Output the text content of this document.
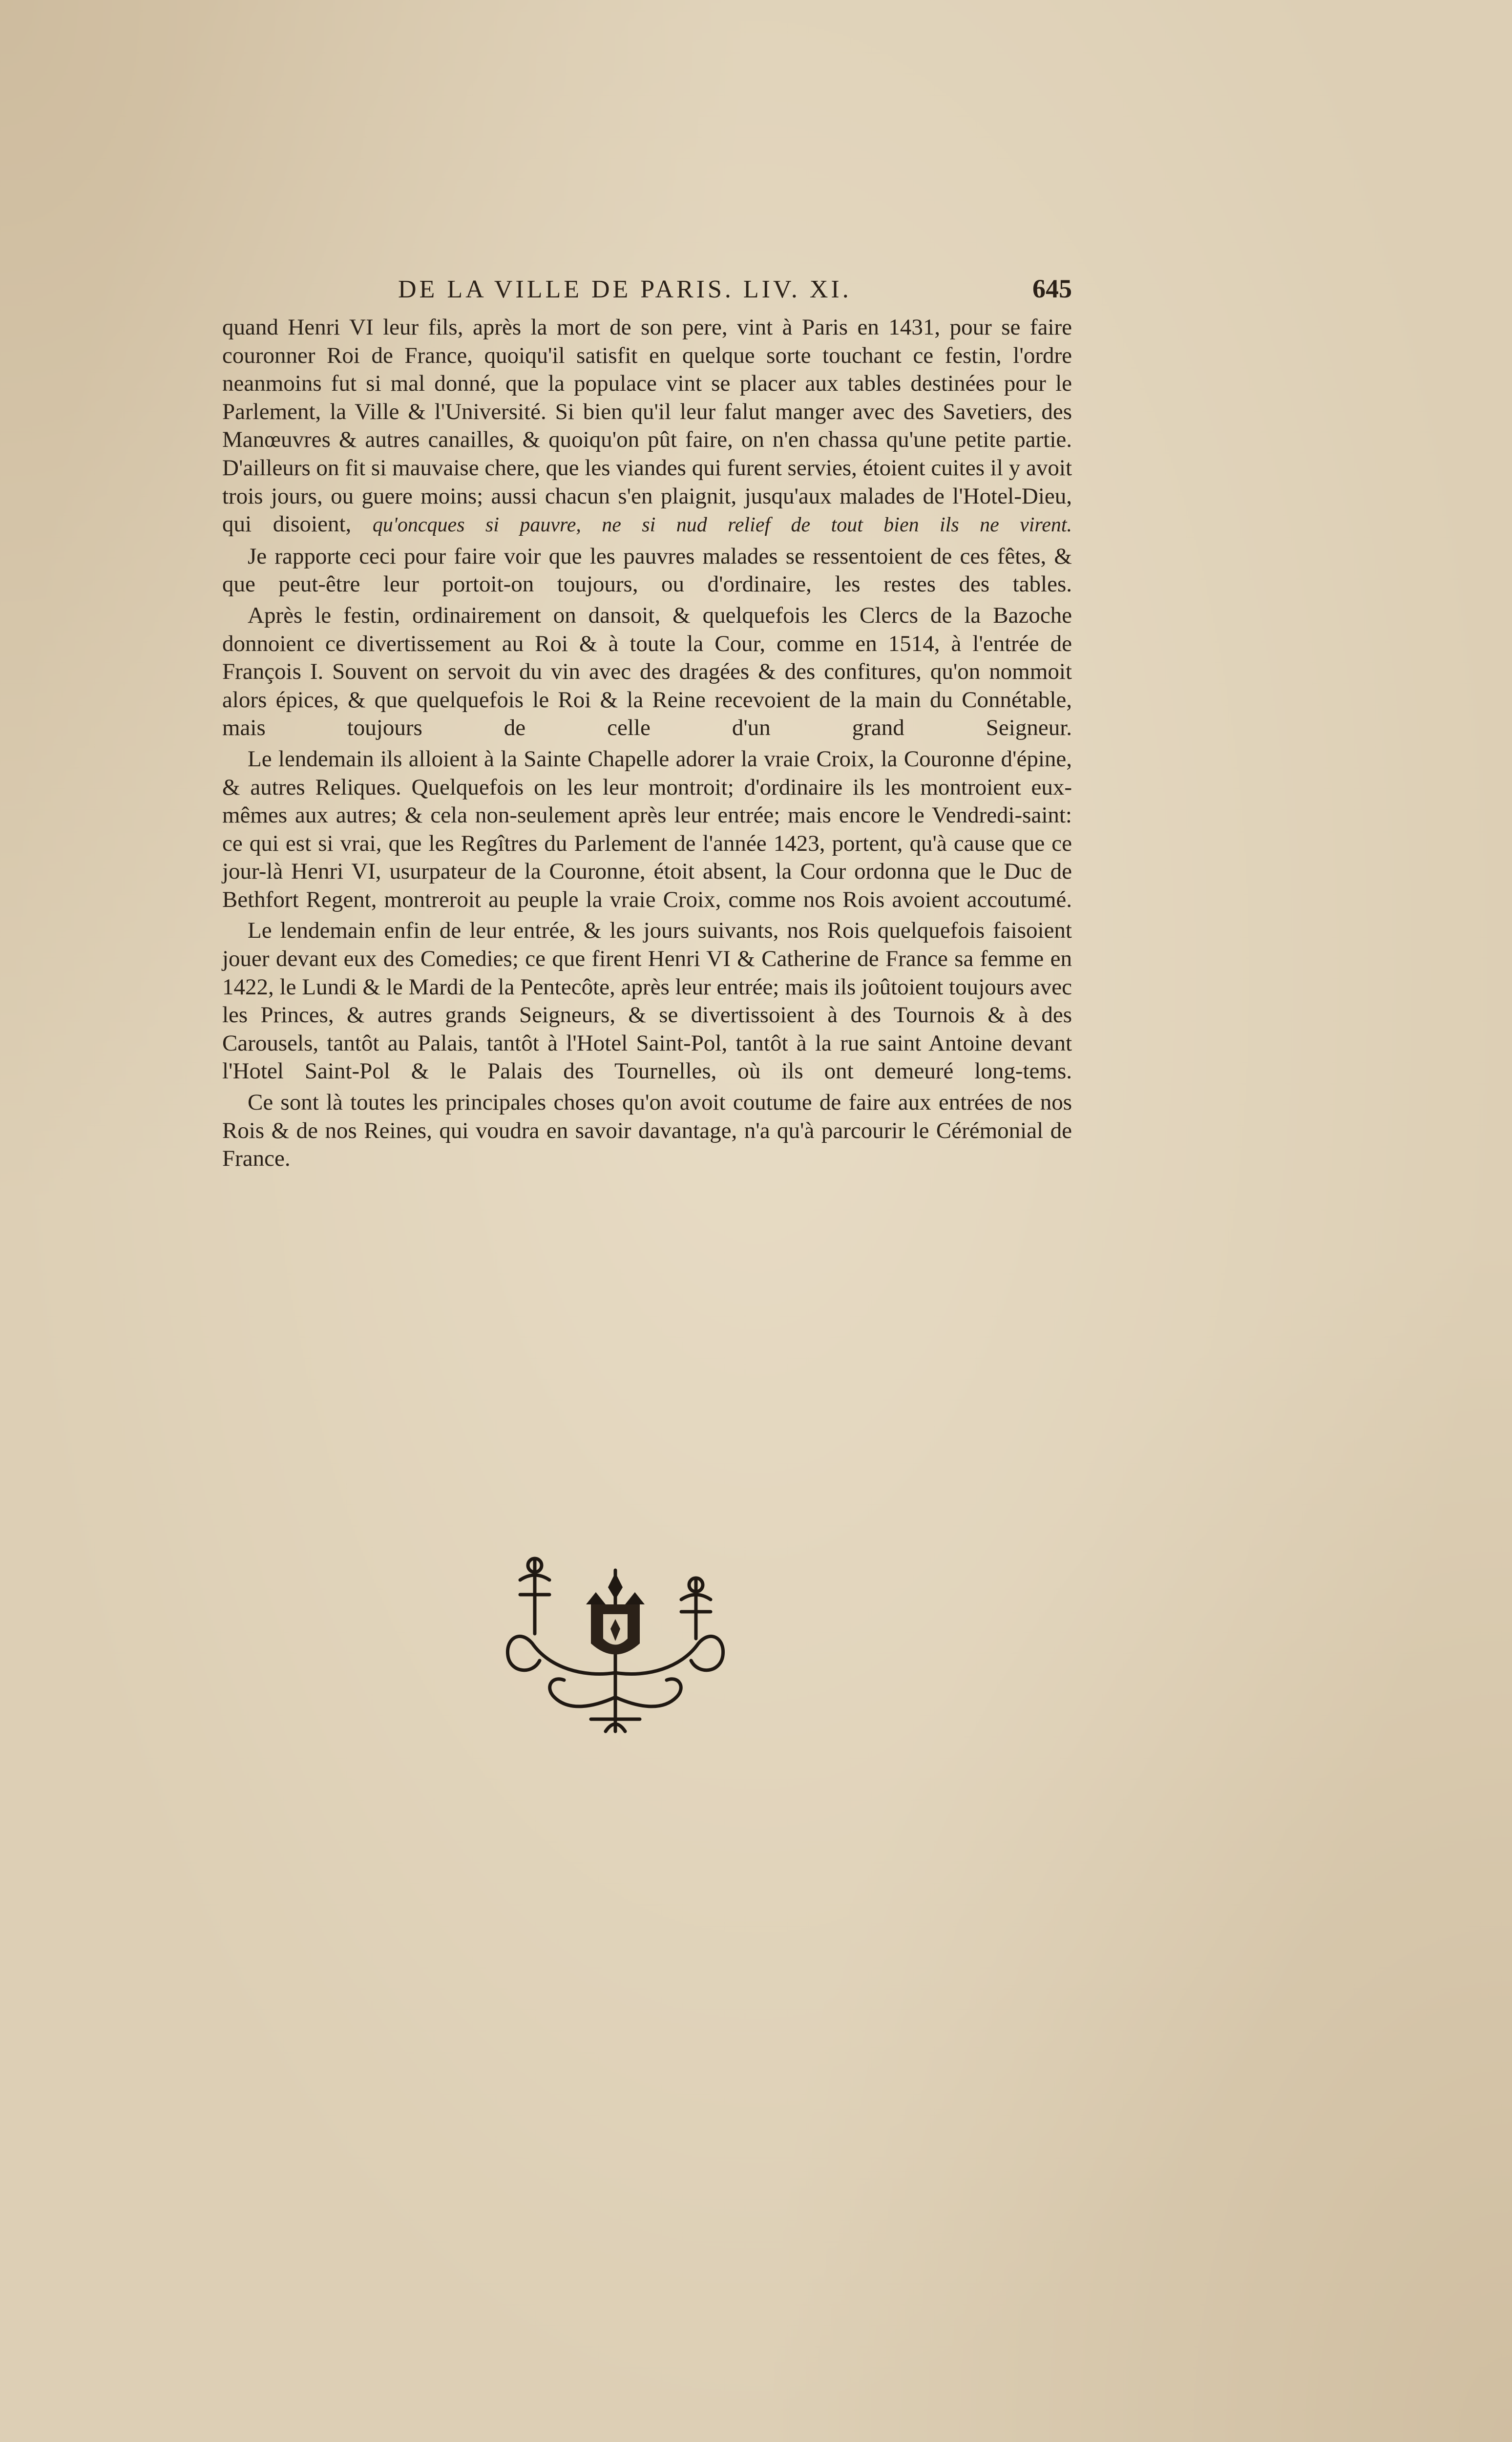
DE LA VILLE DE PARIS. LIV. XI.	645

quand Henri VI leur fils, après la mort de son pere, vint à Paris en 1431, pour se faire couronner Roi de France, quoiqu'il satisfit en quelque sorte touchant ce festin, l'ordre neanmoins fut si mal donné, que la populace vint se placer aux tables destinées pour le Parlement, la Ville & l'Université. Si bien qu'il leur falut manger avec des Savetiers, des Manœuvres & autres canailles, & quoiqu'on pût faire, on n'en chassa qu'une petite partie. D'ailleurs on fit si mauvaise chere, que les viandes qui furent servies, étoient cuites il y avoit trois jours, ou guere moins; aussi chacun s'en plaignit, jusqu'aux malades de l'Hotel-Dieu, qui disoient, qu'oncques si pauvre, ne si nud relief de tout bien ils ne virent.

Je rapporte ceci pour faire voir que les pauvres malades se ressentoient de ces fêtes, & que peut-être leur portoit-on toujours, ou d'ordinaire, les restes des tables.

Après le festin, ordinairement on dansoit, & quelquefois les Clercs de la Bazoche donnoient ce divertissement au Roi & à toute la Cour, comme en 1514, à l'entrée de François I. Souvent on servoit du vin avec des dragées & des confitures, qu'on nommoit alors épices, & que quelquefois le Roi & la Reine recevoient de la main du Connétable, mais toujours de celle d'un grand Seigneur.

Le lendemain ils alloient à la Sainte Chapelle adorer la vraie Croix, la Couronne d'épine, & autres Reliques. Quelquefois on les leur montroit; d'ordinaire ils les montroient eux-mêmes aux autres; & cela non-seulement après leur entrée; mais encore le Vendredi-saint: ce qui est si vrai, que les Regîtres du Parlement de l'année 1423, portent, qu'à cause que ce jour-là Henri VI, usurpateur de la Couronne, étoit absent, la Cour ordonna que le Duc de Bethfort Regent, montreroit au peuple la vraie Croix, comme nos Rois avoient accoutumé.

Le lendemain enfin de leur entrée, & les jours suivants, nos Rois quelquefois faisoient jouer devant eux des Comedies; ce que firent Henri VI & Catherine de France sa femme en 1422, le Lundi & le Mardi de la Pentecôte, après leur entrée; mais ils joûtoient toujours avec les Princes, & autres grands Seigneurs, & se divertissoient à des Tournois & à des Carousels, tantôt au Palais, tantôt à l'Hotel Saint-Pol, tantôt à la rue saint Antoine devant l'Hotel Saint-Pol & le Palais des Tournelles, où ils ont demeuré long-tems.

Ce sont là toutes les principales choses qu'on avoit coutume de faire aux entrées de nos Rois & de nos Reines, qui voudra en savoir davantage, n'a qu'à parcourir le Cérémonial de France.
